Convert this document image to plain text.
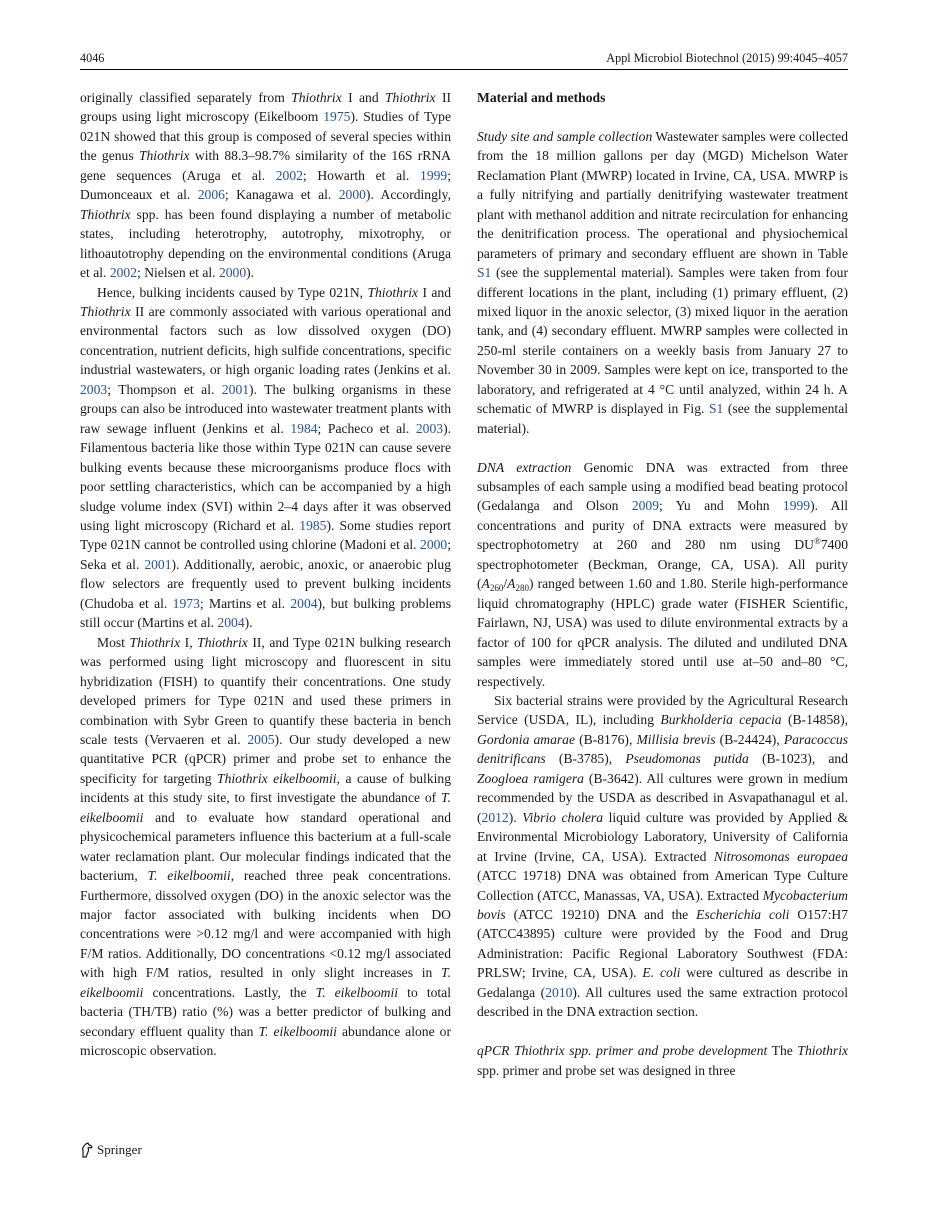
4046	Appl Microbiol Biotechnol (2015) 99:4045–4057

originally classified separately from Thiothrix I and Thiothrix II groups using light microscopy (Eikelboom 1975). Studies of Type 021N showed that this group is composed of several species within the genus Thiothrix with 88.3–98.7% similarity of the 16S rRNA gene sequences (Aruga et al. 2002; Howarth et al. 1999; Dumonceaux et al. 2006; Kanagawa et al. 2000). Accordingly, Thiothrix spp. has been found displaying a number of metabolic states, including heterotrophy, autotrophy, mixotrophy, or lithoautotrophy depending on the environmental conditions (Aruga et al. 2002; Nielsen et al. 2000).

Hence, bulking incidents caused by Type 021N, Thiothrix I and Thiothrix II are commonly associated with various operational and environmental factors such as low dissolved oxygen (DO) concentration, nutrient deficits, high sulfide concentrations, specific industrial wastewaters, or high organic loading rates (Jenkins et al. 2003; Thompson et al. 2001). The bulking organisms in these groups can also be introduced into wastewater treatment plants with raw sewage influent (Jenkins et al. 1984; Pacheco et al. 2003). Filamentous bacteria like those within Type 021N can cause severe bulking events because these microorganisms produce flocs with poor settling characteristics, which can be accompanied by a high sludge volume index (SVI) within 2–4 days after it was observed using light microscopy (Richard et al. 1985). Some studies report Type 021N cannot be controlled using chlorine (Madoni et al. 2000; Seka et al. 2001). Additionally, aerobic, anoxic, or anaerobic plug flow selectors are frequently used to prevent bulking incidents (Chudoba et al. 1973; Martins et al. 2004), but bulking problems still occur (Martins et al. 2004).

Most Thiothrix I, Thiothrix II, and Type 021N bulking research was performed using light microscopy and fluorescent in situ hybridization (FISH) to quantify their concentrations. One study developed primers for Type 021N and used these primers in combination with Sybr Green to quantify these bacteria in bench scale tests (Vervaeren et al. 2005). Our study developed a new quantitative PCR (qPCR) primer and probe set to enhance the specificity for targeting Thiothrix eikelboomii, a cause of bulking incidents at this study site, to first investigate the abundance of T. eikelboomii and to evaluate how standard operational and physicochemical parameters influence this bacterium at a full-scale water reclamation plant. Our molecular findings indicated that the bacterium, T. eikelboomii, reached three peak concentrations. Furthermore, dissolved oxygen (DO) in the anoxic selector was the major factor associated with bulking incidents when DO concentrations were >0.12 mg/l and were accompanied with high F/M ratios. Additionally, DO concentrations <0.12 mg/l associated with high F/M ratios, resulted in only slight increases in T. eikelboomii concentrations. Lastly, the T. eikelboomii to total bacteria (TH/TB) ratio (%) was a better predictor of bulking and secondary effluent quality than T. eikelboomii abundance alone or microscopic observation.

Material and methods

Study site and sample collection Wastewater samples were collected from the 18 million gallons per day (MGD) Michelson Water Reclamation Plant (MWRP) located in Irvine, CA, USA. MWRP is a fully nitrifying and partially denitrifying wastewater treatment plant with methanol addition and nitrate recirculation for enhancing the denitrification process. The operational and physiochemical parameters of primary and secondary effluent are shown in Table S1 (see the supplemental material). Samples were taken from four different locations in the plant, including (1) primary effluent, (2) mixed liquor in the anoxic selector, (3) mixed liquor in the aeration tank, and (4) secondary effluent. MWRP samples were collected in 250-ml sterile containers on a weekly basis from January 27 to November 30 in 2009. Samples were kept on ice, transported to the laboratory, and refrigerated at 4 °C until analyzed, within 24 h. A schematic of MWRP is displayed in Fig. S1 (see the supplemental material).

DNA extraction Genomic DNA was extracted from three subsamples of each sample using a modified bead beating protocol (Gedalanga and Olson 2009; Yu and Mohn 1999). All concentrations and purity of DNA extracts were measured by spectrophotometry at 260 and 280 nm using DU®7400 spectrophotometer (Beckman, Orange, CA, USA). All purity $(A_{260}/A_{280})$ ranged between 1.60 and 1.80. Sterile high-performance liquid chromatography (HPLC) grade water (FISHER Scientific, Fairlawn, NJ, USA) was used to dilute environmental extracts by a factor of 100 for qPCR analysis. The diluted and undiluted DNA samples were immediately stored until use at–50 and–80 °C, respectively.

Six bacterial strains were provided by the Agricultural Research Service (USDA, IL), including Burkholderia cepacia (B-14858), Gordonia amarae (B-8176), Millisia brevis (B-24424), Paracoccus denitrificans (B-3785), Pseudomonas putida (B-1023), and Zoogloea ramigera (B-3642). All cultures were grown in medium recommended by the USDA as described in Asvapathanagul et al. (2012). Vibrio cholera liquid culture was provided by Applied & Environmental Microbiology Laboratory, University of California at Irvine (Irvine, CA, USA). Extracted Nitrosomonas europaea (ATCC 19718) DNA was obtained from American Type Culture Collection (ATCC, Manassas, VA, USA). Extracted Mycobacterium bovis (ATCC 19210) DNA and the Escherichia coli O157:H7 (ATCC43895) culture were provided by the Food and Drug Administration: Pacific Regional Laboratory Southwest (FDA: PRLSW; Irvine, CA, USA). E. coli were cultured as describe in Gedalanga (2010). All cultures used the same extraction protocol described in the DNA extraction section.

qPCR Thiothrix spp. primer and probe development The Thiothrix spp. primer and probe set was designed in three

Springer
